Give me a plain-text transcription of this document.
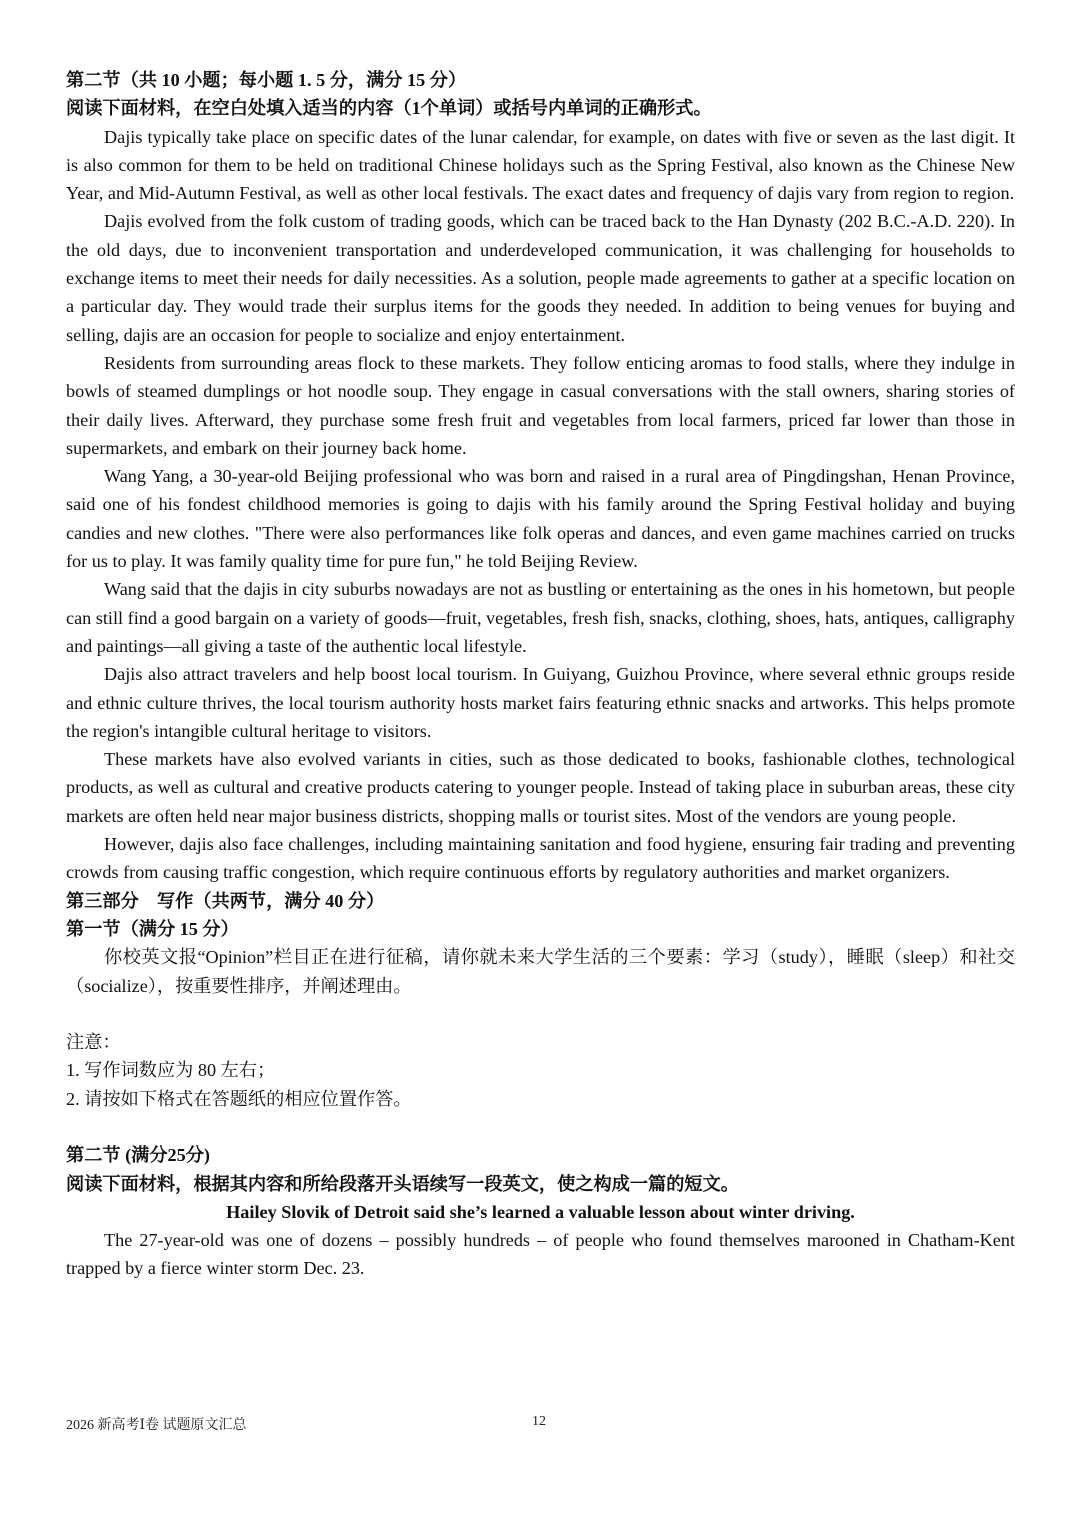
第二节（共 10 小题；每小题 1. 5 分，满分 15 分）

阅读下面材料，在空白处填入适当的内容（1个单词）或括号内单词的正确形式。

Dajis typically take place on specific dates of the lunar calendar, for example, on dates with five or seven as the last digit. It is also common for them to be held on traditional Chinese holidays such as the Spring Festival, also known as the Chinese New Year, and Mid-Autumn Festival, as well as other local festivals. The exact dates and frequency of dajis vary from region to region.

Dajis evolved from the folk custom of trading goods, which can be traced back to the Han Dynasty (202 B.C.-A.D. 220). In the old days, due to inconvenient transportation and underdeveloped communication, it was challenging for households to exchange items to meet their needs for daily necessities. As a solution, people made agreements to gather at a specific location on a particular day. They would trade their surplus items for the goods they needed. In addition to being venues for buying and selling, dajis are an occasion for people to socialize and enjoy entertainment.

Residents from surrounding areas flock to these markets. They follow enticing aromas to food stalls, where they indulge in bowls of steamed dumplings or hot noodle soup. They engage in casual conversations with the stall owners, sharing stories of their daily lives. Afterward, they purchase some fresh fruit and vegetables from local farmers, priced far lower than those in supermarkets, and embark on their journey back home.

Wang Yang, a 30-year-old Beijing professional who was born and raised in a rural area of Pingdingshan, Henan Province, said one of his fondest childhood memories is going to dajis with his family around the Spring Festival holiday and buying candies and new clothes. "There were also performances like folk operas and dances, and even game machines carried on trucks for us to play. It was family quality time for pure fun," he told Beijing Review.

Wang said that the dajis in city suburbs nowadays are not as bustling or entertaining as the ones in his hometown, but people can still find a good bargain on a variety of goods—fruit, vegetables, fresh fish, snacks, clothing, shoes, hats, antiques, calligraphy and paintings—all giving a taste of the authentic local lifestyle.

Dajis also attract travelers and help boost local tourism. In Guiyang, Guizhou Province, where several ethnic groups reside and ethnic culture thrives, the local tourism authority hosts market fairs featuring ethnic snacks and artworks. This helps promote the region's intangible cultural heritage to visitors.

These markets have also evolved variants in cities, such as those dedicated to books, fashionable clothes, technological products, as well as cultural and creative products catering to younger people. Instead of taking place in suburban areas, these city markets are often held near major business districts, shopping malls or tourist sites. Most of the vendors are young people.

However, dajis also face challenges, including maintaining sanitation and food hygiene, ensuring fair trading and preventing crowds from causing traffic congestion, which require continuous efforts by regulatory authorities and market organizers.

第三部分　写作（共两节，满分 40 分）

第一节（满分 15 分）

你校英文报“Opinion”栏目正在进行征稿，请你就未来大学生活的三个要素：学习（study），睡眠（sleep）和社交（socialize），按重要性排序，并阐述理由。

注意：

1. 写作词数应为 80 左右；

2. 请按如下格式在答题纸的相应位置作答。

第二节 (满分25分)

阅读下面材料，根据其内容和所给段落开头语续写一段英文，使之构成一篇的短文。

Hailey Slovik of Detroit said she’s learned a valuable lesson about winter driving.

The 27-year-old was one of dozens – possibly hundreds – of people who found themselves marooned in Chatham-Kent trapped by a fierce winter storm Dec. 23.

2026 新高考Ⅰ卷 试题原文汇总	12
